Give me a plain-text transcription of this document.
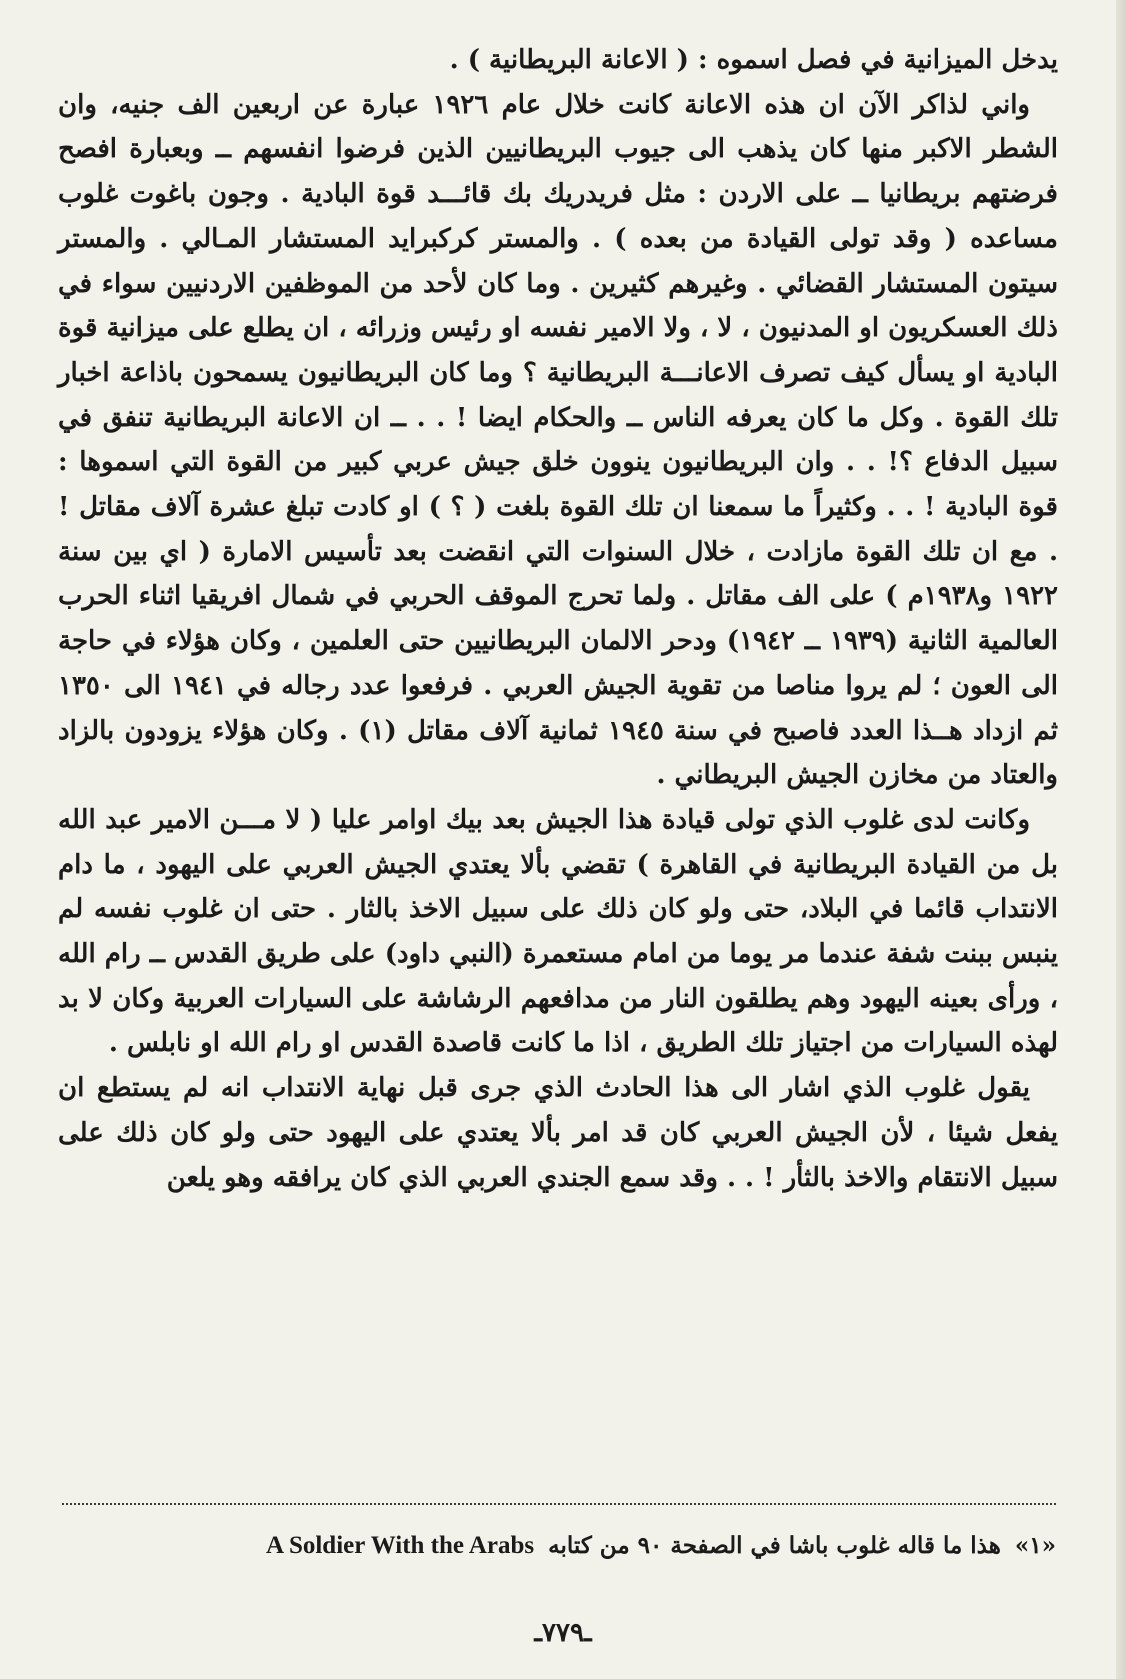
يدخل الميزانية في فصل اسموه : ( الاعانة البريطانية ) .

واني لذاكر الآن ان هذه الاعانة كانت خلال عام ١٩٢٦ عبارة عن اربعين الف جنيه، وان الشطر الاكبر منها كان يذهب الى جيوب البريطانيين الذين فرضوا انفسهم ــ وبعبارة افصح فرضتهم بريطانيا ــ على الاردن : مثل فريدريك بك قائـــد قوة البادية . وجون باغوت غلوب مساعده ( وقد تولى القيادة من بعده ) . والمستر كركبرايد المستشار المـالي . والمستر سيتون المستشار القضائي . وغيرهم كثيرين . وما كان لأحد من الموظفين الاردنيين سواء في ذلك العسكريون او المدنيون ، لا ، ولا الامير نفسه او رئيس وزرائه ، ان يطلع على ميزانية قوة البادية او يسأل كيف تصرف الاعانـــة البريطانية ؟ وما كان البريطانيون يسمحون باذاعة اخبار تلك القوة . وكل ما كان يعرفه الناس ــ والحكام ايضا ! . . ــ ان الاعانة البريطانية تنفق في سبيل الدفاع ؟! . . وان البريطانيون ينوون خلق جيش عربي كبير من القوة التي اسموها : قوة البادية ! . . وكثيراً ما سمعنا ان تلك القوة بلغت ( ؟ ) او كادت تبلغ عشرة آلاف مقاتل ! . مع ان تلك القوة مازادت ، خلال السنوات التي انقضت بعد تأسيس الامارة ( اي بين سنة ١٩٢٢ و١٩٣٨م ) على الف مقاتل . ولما تحرج الموقف الحربي في شمال افريقيا اثناء الحرب العالمية الثانية (١٩٣٩ ــ ١٩٤٢) ودحر الالمان البريطانيين حتى العلمين ، وكان هؤلاء في حاجة الى العون ؛ لم يروا مناصا من تقوية الجيش العربي . فرفعوا عدد رجاله في ١٩٤١ الى ١٣٥٠ ثم ازداد هــذا العدد فاصبح في سنة ١٩٤٥ ثمانية آلاف مقاتل (١) . وكان هؤلاء يزودون بالزاد والعتاد من مخازن الجيش البريطاني .

وكانت لدى غلوب الذي تولى قيادة هذا الجيش بعد بيك اوامر عليا ( لا مـــن الامير عبد الله بل من القيادة البريطانية في القاهرة ) تقضي بألا يعتدي الجيش العربي على اليهود ، ما دام الانتداب قائما في البلاد، حتى ولو كان ذلك على سبيل الاخذ بالثار . حتى ان غلوب نفسه لم ينبس ببنت شفة عندما مر يوما من امام مستعمرة (النبي داود) على طريق القدس ــ رام الله ، ورأى بعينه اليهود وهم يطلقون النار من مدافعهم الرشاشة على السيارات العربية وكان لا بد لهذه السيارات من اجتياز تلك الطريق ، اذا ما كانت قاصدة القدس او رام الله او نابلس .

يقول غلوب الذي اشار الى هذا الحادث الذي جرى قبل نهاية الانتداب انه لم يستطع ان يفعل شيئا ، لأن الجيش العربي كان قد امر بألا يعتدي على اليهود حتى ولو كان ذلك على سبيل الانتقام والاخذ بالثأر ! . . وقد سمع الجندي العربي الذي كان يرافقه وهو يلعن

«١» هذا ما قاله غلوب باشا في الصفحة ٩٠ من كتابه A Soldier With the Arabs
ـ٧٧٩ـ
